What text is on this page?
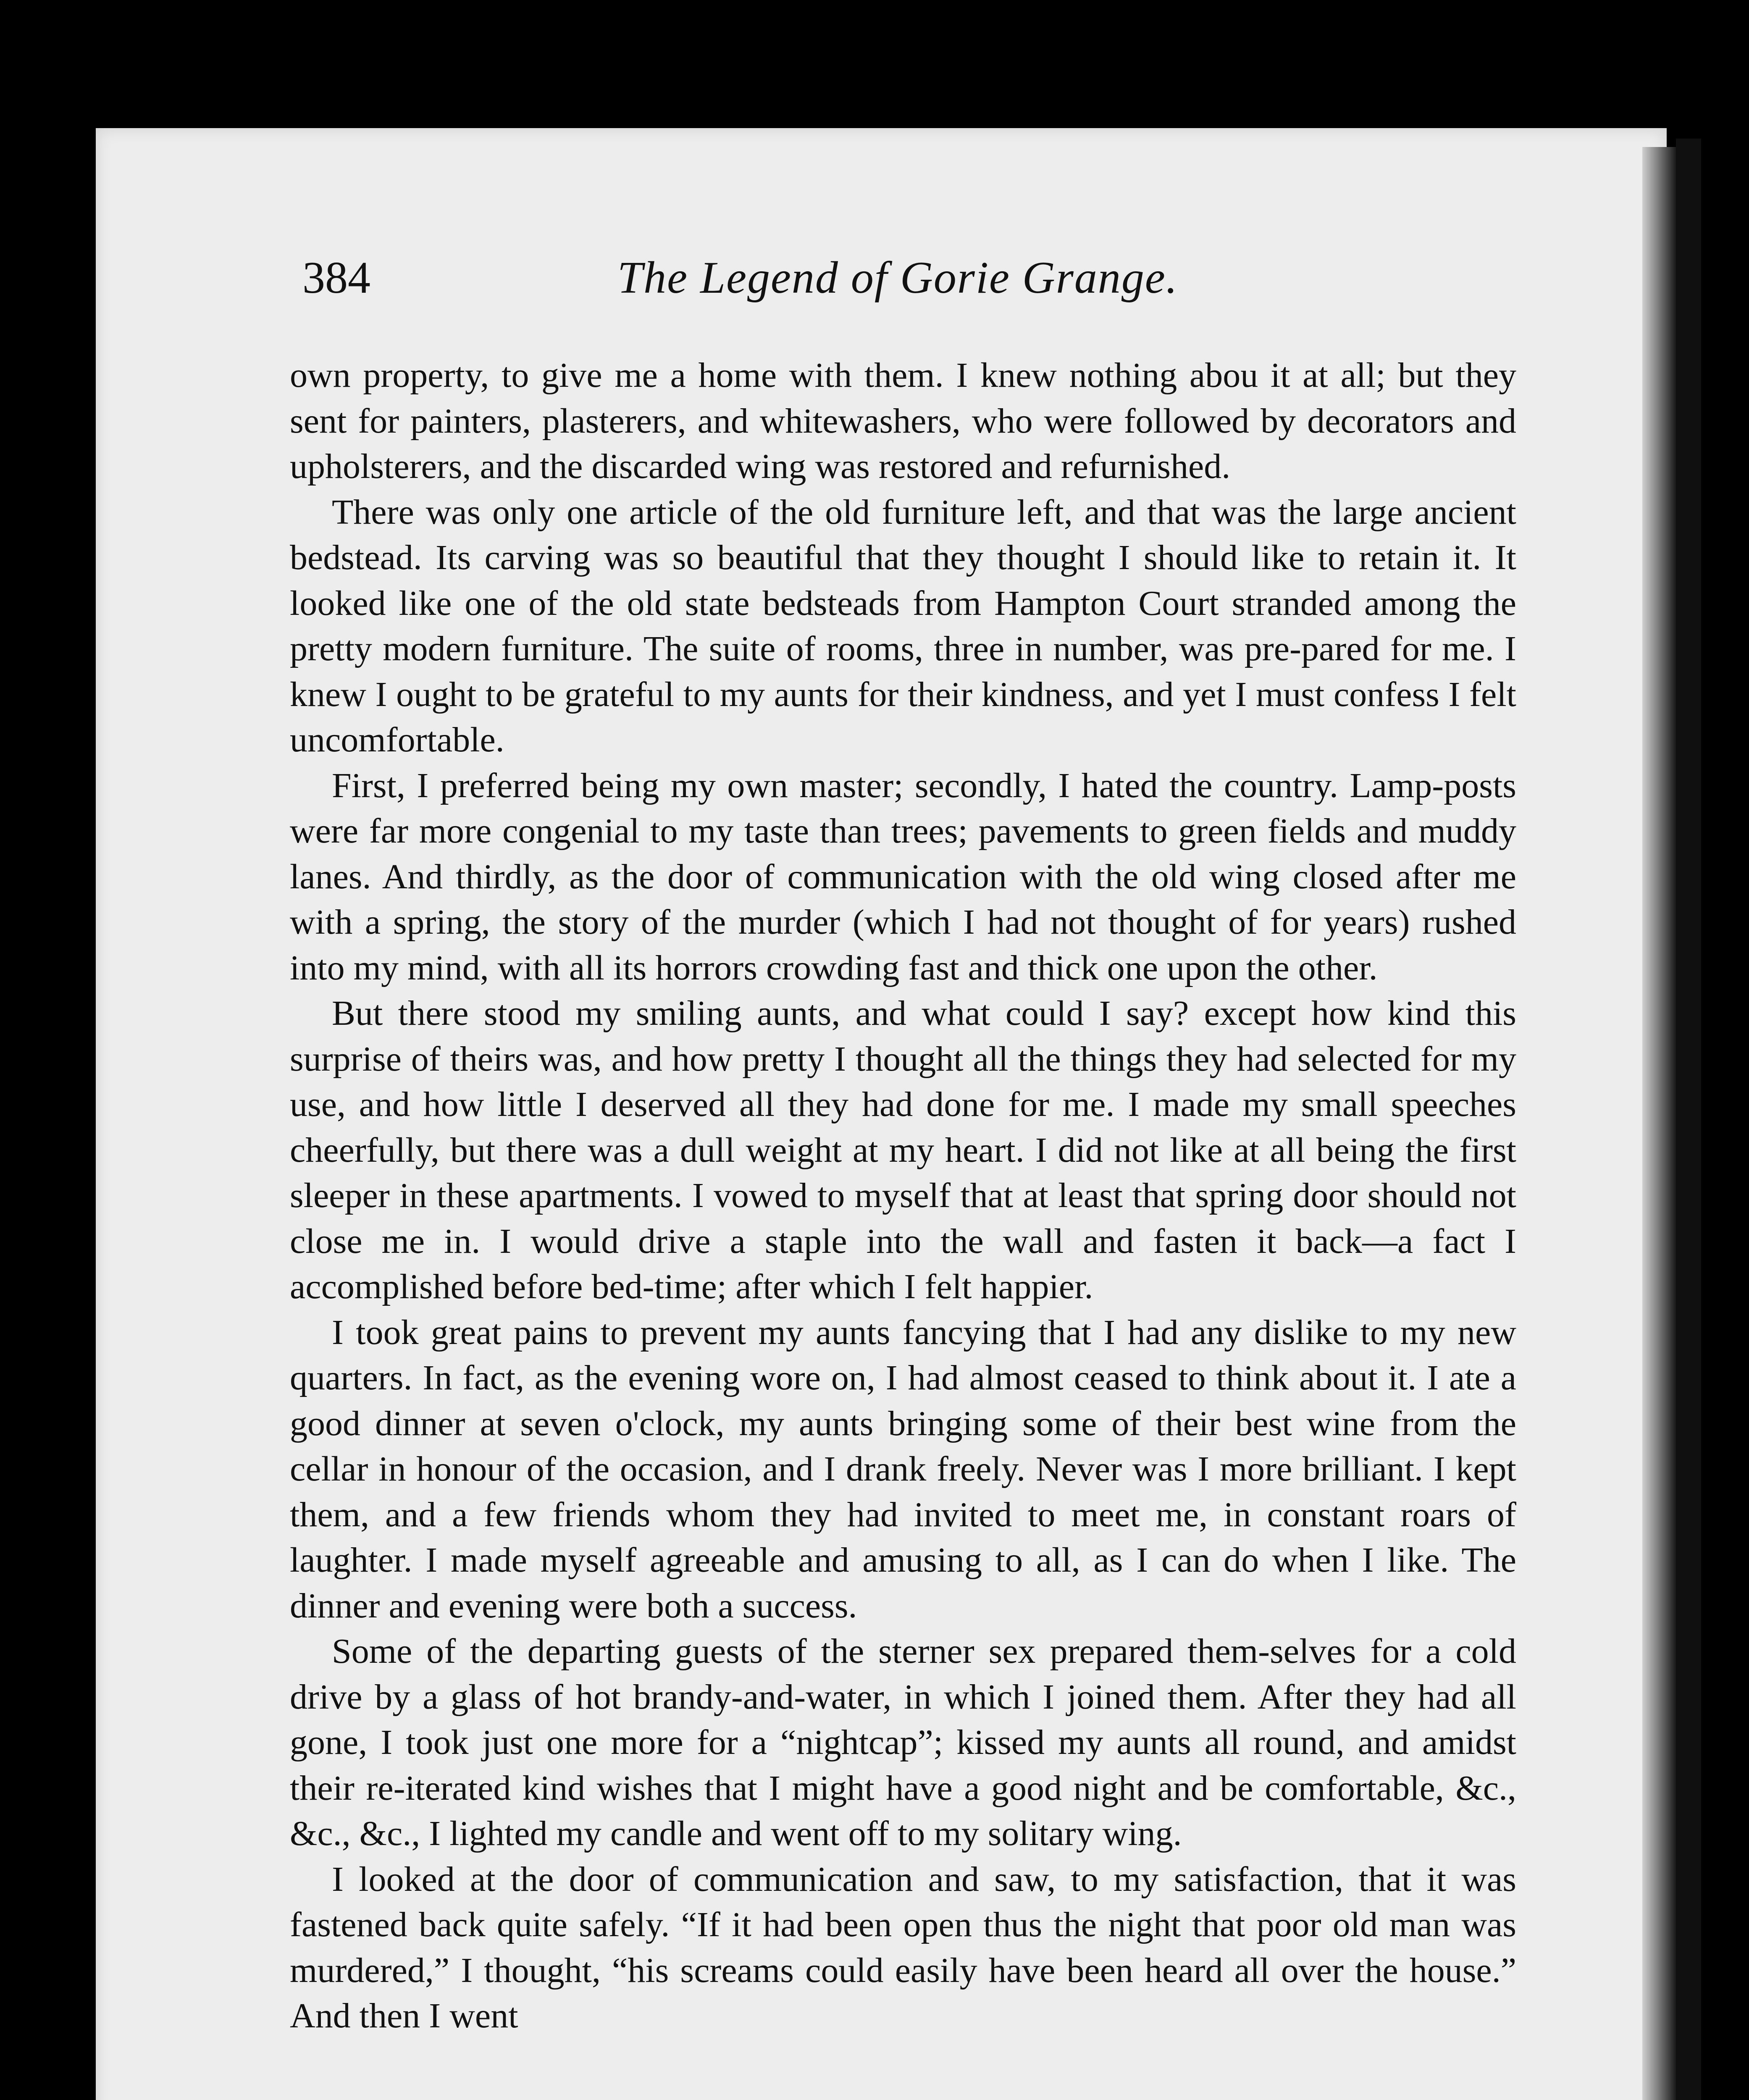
384	The Legend of Gorie Grange.

own property, to give me a home with them. I knew nothing abou it at all; but they sent for painters, plasterers, and whitewashers, who were followed by decorators and upholsterers, and the discarded wing was restored and refurnished.

There was only one article of the old furniture left, and that was the large ancient bedstead. Its carving was so beautiful that they thought I should like to retain it. It looked like one of the old state bedsteads from Hampton Court stranded among the pretty modern furniture. The suite of rooms, three in number, was pre-pared for me. I knew I ought to be grateful to my aunts for their kindness, and yet I must confess I felt uncomfortable.

First, I preferred being my own master; secondly, I hated the country. Lamp-posts were far more congenial to my taste than trees; pavements to green fields and muddy lanes. And thirdly, as the door of communication with the old wing closed after me with a spring, the story of the murder (which I had not thought of for years) rushed into my mind, with all its horrors crowding fast and thick one upon the other.

But there stood my smiling aunts, and what could I say? except how kind this surprise of theirs was, and how pretty I thought all the things they had selected for my use, and how little I deserved all they had done for me. I made my small speeches cheerfully, but there was a dull weight at my heart. I did not like at all being the first sleeper in these apartments. I vowed to myself that at least that spring door should not close me in. I would drive a staple into the wall and fasten it back—a fact I accomplished before bed-time; after which I felt happier.

I took great pains to prevent my aunts fancying that I had any dislike to my new quarters. In fact, as the evening wore on, I had almost ceased to think about it. I ate a good dinner at seven o'clock, my aunts bringing some of their best wine from the cellar in honour of the occasion, and I drank freely. Never was I more brilliant. I kept them, and a few friends whom they had invited to meet me, in constant roars of laughter. I made myself agreeable and amusing to all, as I can do when I like. The dinner and evening were both a success.

Some of the departing guests of the sterner sex prepared them-selves for a cold drive by a glass of hot brandy-and-water, in which I joined them. After they had all gone, I took just one more for a “nightcap”; kissed my aunts all round, and amidst their re-iterated kind wishes that I might have a good night and be comfortable, &c., &c., &c., I lighted my candle and went off to my solitary wing.

I looked at the door of communication and saw, to my satisfaction, that it was fastened back quite safely. “If it had been open thus the night that poor old man was murdered,” I thought, “his screams could easily have been heard all over the house.” And then I went
